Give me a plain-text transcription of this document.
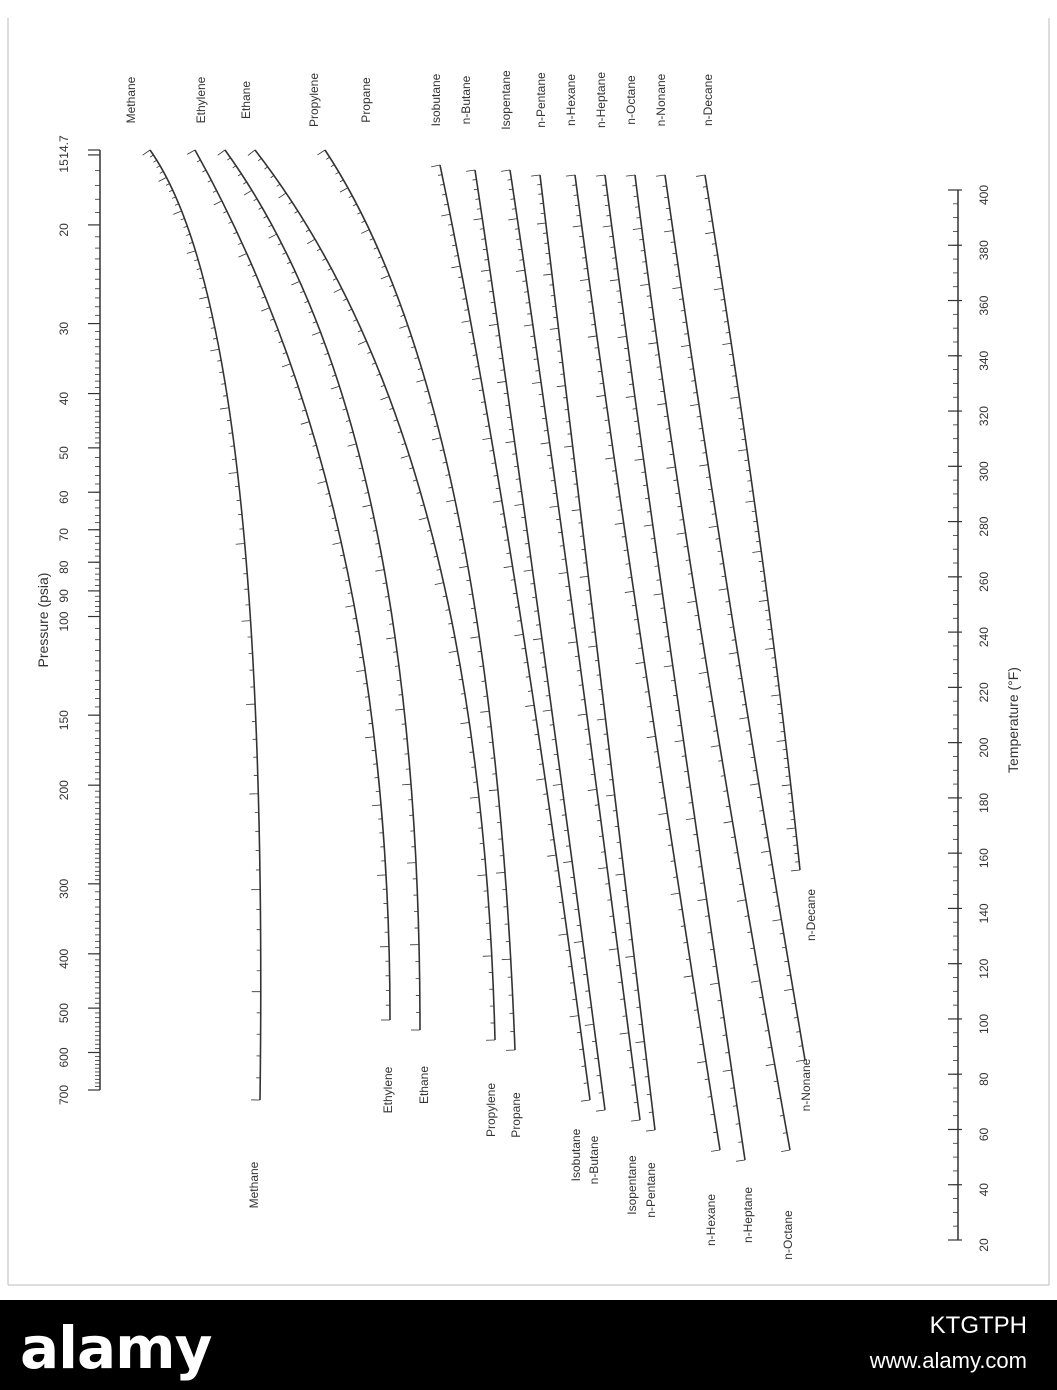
14.7
15
20
30
40
50
60
70
80
90
100
150
200
300
400
500
600
700
Pressure (psia)
400
380
360
340
320
300
280
260
240
220
200
180
160
140
120
100
80
60
40
20
Temperature (°F)
Methane
Methane
Ethylene
Ethylene
Ethane
Ethane
Propylene
Propylene
Propane
Propane
Isobutane
Isobutane
n-Butane
n-Butane
Isopentane
Isopentane
n-Pentane
n-Pentane
n-Hexane
n-Hexane
n-Heptane
n-Heptane
n-Octane
n-Octane
n-Nonane
n-Nonane
n-Decane
n-Decane
alamy	KTGTPH
www.alamy.com
